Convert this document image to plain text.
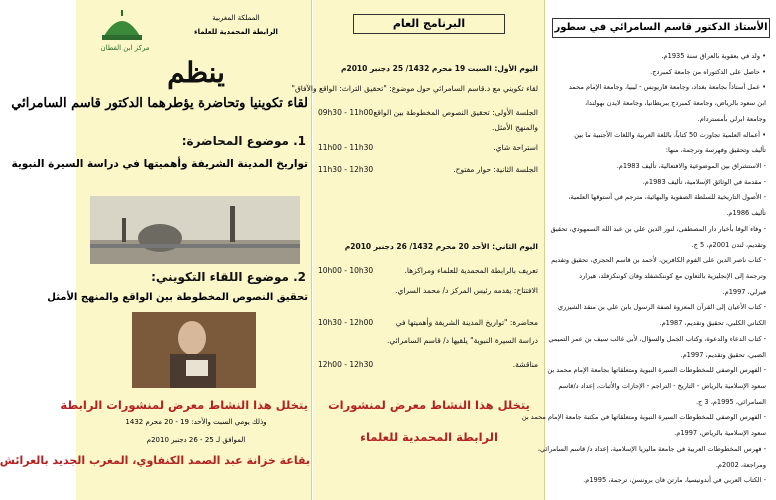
مركز ابن القطان
المملكة المغربية
الرابطة المحمدية للعلماء
ينظم
لقاء تكوينيا وتحاضرة يؤطرهما الدكتور قاسم السامرائي
1. موضوع المحاضرة:
تواريخ المدينة الشريفة وأهميتها في دراسة السيرة النبوية
2. موضوع اللقاء التكويني:
تحقيق النصوص المخطوطة بين الواقع والمنهج الأمثل
يتخلل هذا النشاط معرض لمنشورات الرابطة
وذلك يومي السبت والأحد: 19 - 20 محرم 1432
الموافق لـ 25 - 26 دجنبر 2010م
بقاعة خزانة عبد الصمد الكنفاوي، المغرب الجديد بالعرائش
البرنامج العام
اليوم الأول: السبت 19 محرم 1432/ 25 دجنبر 2010م
لقاء تكويني مع د.قاسم السامرائي حول موضوع: "تحقيق التراث: الواقع والآفاق"
الجلسة الأولى: تحقيق النصوص المخطوطة بين الواقع
09h30 - 11h00
والمنهج الأمثل.
استراحة شاي.
11h00 - 11h30
الجلسة الثانية: حوار مفتوح.
11h30 - 12h30
اليوم الثاني: الأحد 20 محرم 1432/ 26 دجنبر 2010م
تعريف بالرابطة المحمدية للعلماء ومراكزها.
10h00 - 10h30
الافتتاح: يقدمه رئيس المركز د/ محمد السراي.
محاضرة: "تواريخ المدينة الشريفة وأهميتها في
10h30 - 12h00
دراسة السيرة النبوية" يلقيها د/ قاسم السامرائي.
مناقشة.
12h00 - 12h30
يتخلل هذا النشاط معرض لمنشورات
الرابطة المحمدية للعلماء
الأستاذ الدكتور قاسم السامرائي في سطور
• ولد في بعقوبة بالعراق سنة 1935م.
• حاصل على الدكتوراه من جامعة كمبردج.
• عمل أستاذاً بجامعة بغداد، وجامعة قاريونس - ليبيا، وجامعة الإمام محمد
ابن سعود بالرياض، وجامعة كمبردج ببريطانيا، وجامعة لايدن بهولندا،
وجامعة ابرلي بأمستردام.
• أعماله العلمية تجاوزت 50 كتاباً، باللغة العربية واللغات الأجنبية ما بين
تأليف وتحقيق وفهرسة وترجمة، منها:
- الاستشراق بين الموضوعية والافتعالية، تأليف 1983م.
- مقدمة في الوثائق الإسلامية، تأليف 1983م.
- الأصول التاريخية للسلطة الصفوية والبهائية، مترجم في أستوقها العلمية،
تأليف 1986م.
- وفاء الوفا بأخبار دار المصطفى، لنور الدين علي بن عبد الله السمهودي، تحقيق
وتقديم، لندن 2001م، 5 ج.
- كتاب ناصر الدين على الفوم الكافرين، لأحمد بن قاسم الحجري، تحقيق وتقديم
وترجمة إلى الإنجليزية بالتعاون مع كوننكشفلد وفان كوننكزفلد، هيرارد
فيرلي، 1997م.
- كتاب الأعيان إلى القرآن المعزوة لصفة الرسول بابن علي بن منقذ الشيزري
الكناني الكلبي، تحقيق وتقديم، 1987م.
- كتاب الدعاء والدعوة، وكتاب الجمل والسؤال، لأبي غالب سيف بن عمر التميمي
الضبي، تحقيق وتقديم، 1997م.
- الفهرس الوصفي للمخطوطات السيرة النبوية ومتعلقاتها بجامعة الإمام محمد بن
سعود الإسلامية بالرياض - التاريخ - التراجم - الإجازات والأثبات، إعداد د/قاسم
السامرائي، 1995م، 3 ج.
- الفهرس الوصفي للمخطوطات السيرة النبوية ومتعلقاتها في مكتبة جامعة الإمام محمد بن
سعود الإسلامية بالرياض، 1997م.
- فهرس المخطوطات العربية في جامعة ماليزيا الإسلامية، إعداد د/ قاسم السامرائي،
ومراجعة، 2002م.
- الكتاب العربي في أندونيسيا، مارتن فان برونسن، ترجمة، 1995م.
